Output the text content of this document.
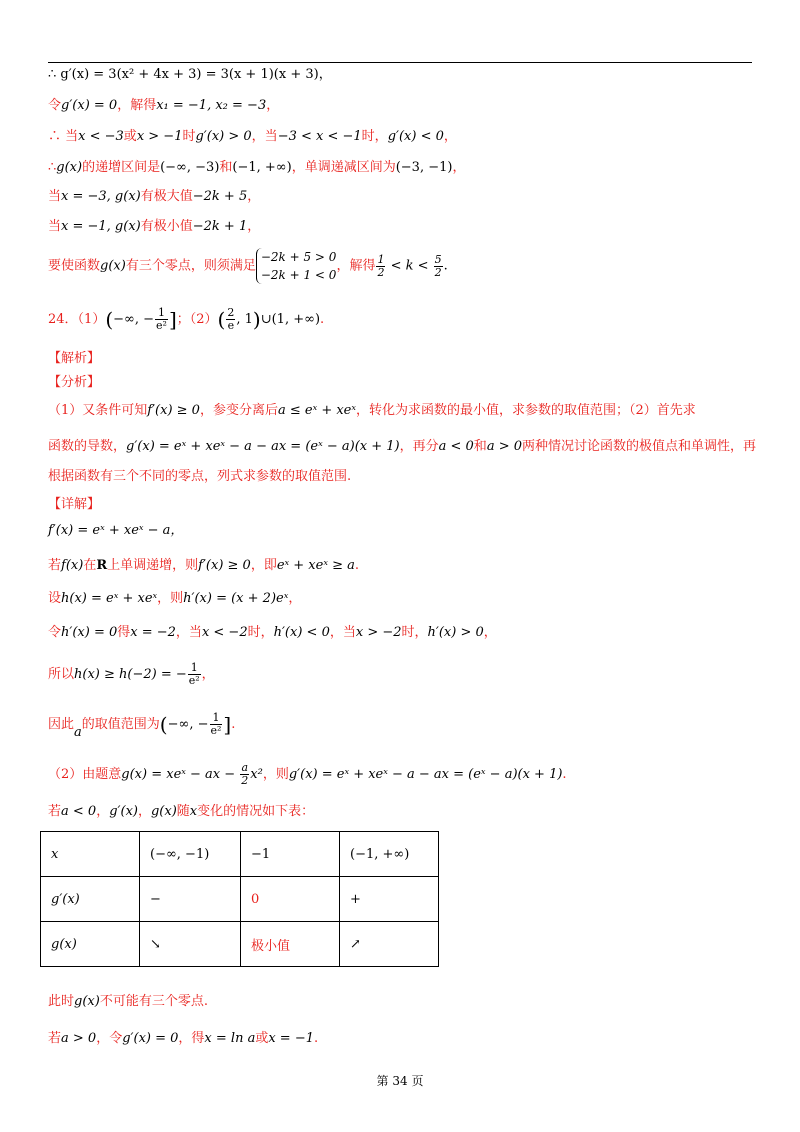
∴ g′(x) = 3(x² + 4x + 3) = 3(x + 1)(x + 3)，
令g′(x) = 0，解得x₁ = −1, x₂ = −3，
∴ 当x < −3或x > −1时g′(x) > 0，当−3 < x < −1时，g′(x) < 0，
∴g(x)的递增区间是(−∞, −3)和(−1, +∞)，单调递减区间为(−3, −1)，
当x = −3, g(x)有极大值−2k + 5，
当x = −1, g(x)有极小值−2k + 1，
要使函数g(x)有三个零点，则须满足
−2k + 5 > 0
−2k + 1 < 0
，解得 $\frac{1}{2} < k < \frac{5}{2}$ .
24．（1）(−∞, − $\frac{1}{\text{e²}}$ ]；$(2)( \frac{2}{e}$ , 1)∪(1, +∞).
【解析】
【分析】
（1）又条件可知f′(x) ≥ 0，参变分离后a ≤ eˣ + xeˣ，转化为求函数的最小值，求参数的取值范围；（2）首先求
函数的导数，g′(x) = eˣ + xeˣ − a − ax = (eˣ − a)(x + 1)，再分a < 0和a > 0两种情况讨论函数的极值点和单调性，再
根据函数有三个不同的零点，列式求参数的取值范围.
【详解】
f′(x) = eˣ + xeˣ − a，
若f(x)在R上单调递增，则f′(x) ≥ 0，即eˣ + xeˣ ≥ a.
设h(x) = eˣ + xeˣ，则h′(x) = (x + 2)eˣ，
令h′(x) = 0得x = −2，当x < −2时，h′(x) < 0，当x > −2时，h′(x) > 0，
所以h(x) ≥ h(−2) = − $\frac{1}{\text{e²}}$ ，
因此a的取值范围为(−∞, − $\frac{1}{\text{e²}}$ ].
（2）由题意g(x) = xeˣ − ax − $\frac{a}{2} x^2$，则g′(x) = eˣ + xeˣ − a − ax = (eˣ − a)(x + 1).
若a < 0，g′(x)，g(x)随x变化的情况如下表：
x	(−∞, −1)	−1	(−1, +∞)
g′(x)	−	0	+
g(x)	↘	极小值	↗
此时g(x)不可能有三个零点.
若a > 0，令g′(x) = 0，得x = ln a或x = −1.
第 34 页
